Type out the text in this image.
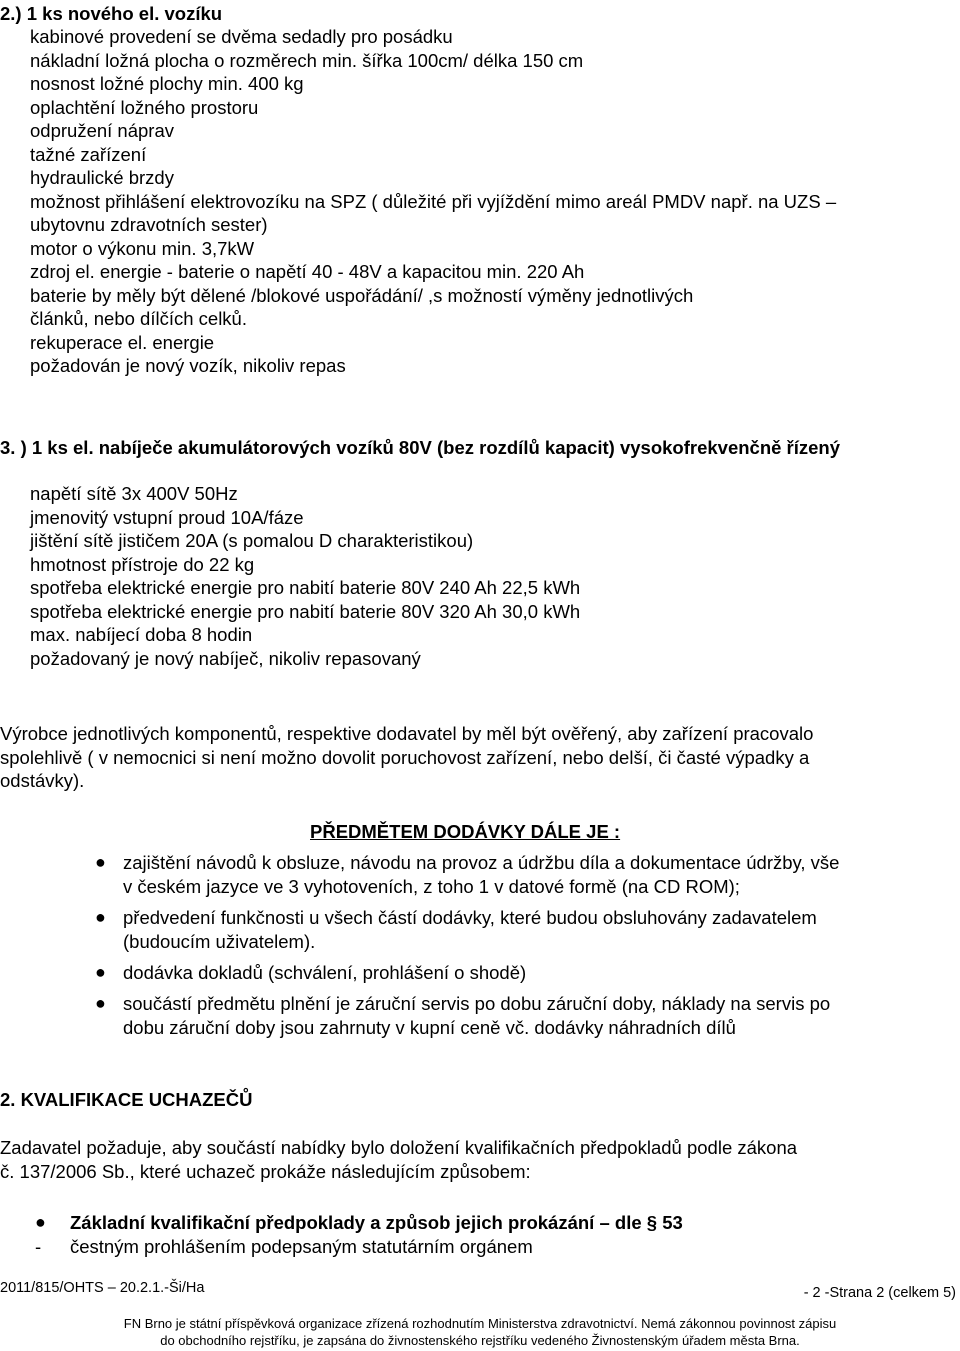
2.) 1 ks nového el. vozíku
kabinové provedení se dvěma sedadly pro posádku
nákladní ložná plocha o rozměrech min. šířka 100cm/ délka 150 cm
nosnost ložné plochy min. 400 kg
oplachtění ložného prostoru
odpružení náprav
tažné zařízení
hydraulické brzdy
možnost přihlášení elektrovozíku na SPZ ( důležité při vyjíždění mimo areál PMDV např. na UZS –
ubytovnu zdravotních sester)
motor o výkonu min. 3,7kW
zdroj el. energie - baterie o napětí 40 - 48V a kapacitou min. 220 Ah
baterie by měly být dělené /blokové uspořádání/ ,s možností výměny jednotlivých
článků, nebo dílčích celků.
rekuperace el. energie
požadován je nový vozík, nikoliv repas
3. ) 1 ks el. nabíječe akumulátorových vozíků 80V (bez rozdílů kapacit) vysokofrekvenčně řízený
napětí sítě 3x 400V 50Hz
jmenovitý vstupní proud 10A/fáze
jištění sítě jističem 20A (s pomalou D charakteristikou)
hmotnost přístroje do 22 kg
spotřeba elektrické energie pro nabití baterie 80V 240 Ah 22,5 kWh
spotřeba elektrické energie pro nabití baterie 80V 320 Ah 30,0 kWh
max. nabíjecí doba 8 hodin
požadovaný je nový nabíječ, nikoliv repasovaný
Výrobce jednotlivých komponentů, respektive dodavatel by měl být ověřený, aby zařízení pracovalo
spolehlivě ( v nemocnici si není možno dovolit poruchovost zařízení, nebo delší, či časté výpadky a
odstávky).
PŘEDMĚTEM DODÁVKY DÁLE JE :
● zajištění návodů k obsluze, návodu na provoz a údržbu díla a dokumentace údržby, vše
v českém jazyce ve 3 vyhotoveních, z toho 1 v datové formě (na CD ROM);
● předvedení funkčnosti u všech částí dodávky, které budou obsluhovány zadavatelem
(budoucím uživatelem).
● dodávka dokladů (schválení, prohlášení o shodě)
● součástí předmětu plnění je záruční servis po dobu záruční doby, náklady na servis po
dobu záruční doby jsou zahrnuty v kupní ceně vč. dodávky náhradních dílů
2. KVALIFIKACE UCHAZEČŮ
Zadavatel požaduje, aby součástí nabídky bylo doložení kvalifikačních předpokladů podle zákona
č. 137/2006 Sb., které uchazeč prokáže následujícím způsobem:
● Základní kvalifikační předpoklady a způsob jejich prokázání – dle § 53
- čestným prohlášením podepsaným statutárním orgánem
2011/815/OHTS – 20.2.1.-Ši/Ha	- 2 -Strana 2 (celkem 5)
FN Brno je státní příspěvková organizace zřízená rozhodnutím Ministerstva zdravotnictví. Nemá zákonnou povinnost zápisu
do obchodního rejstříku, je zapsána do živnostenského rejstříku vedeného Živnostenským úřadem města Brna.
